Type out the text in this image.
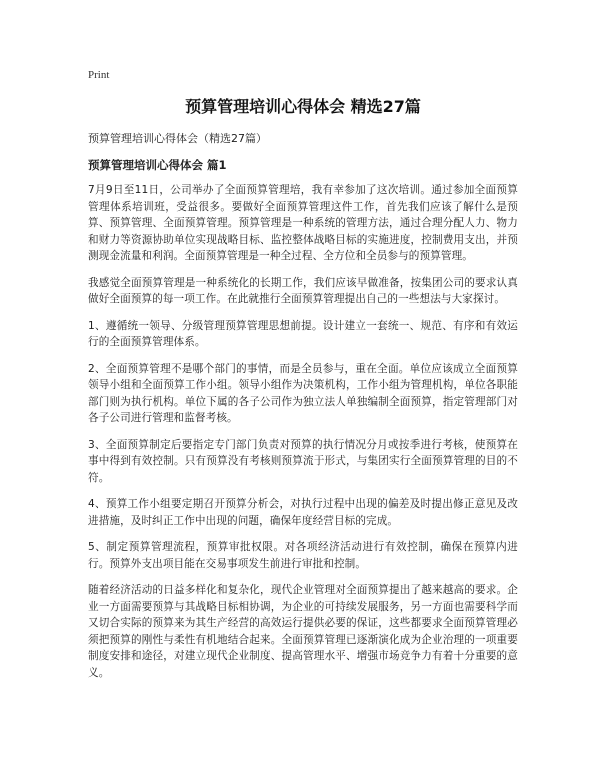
Print
预算管理培训心得体会 精选27篇

预算管理培训心得体会（精选27篇）

预算管理培训心得体会 篇1

7月9日至11日，公司举办了全面预算管理培，我有幸参加了这次培训。通过参加全面预算管理体系培训班，受益很多。要做好全面预算管理这件工作，首先我们应该了解什么是预算、预算管理、全面预算管理。预算管理是一种系统的管理方法，通过合理分配人力、物力和财力等资源协助单位实现战略目标、监控整体战略目标的实施进度，控制费用支出，并预测现金流量和利润。全面预算管理是一种全过程、全方位和全员参与的预算管理。

我感觉全面预算管理是一种系统化的长期工作，我们应该早做准备，按集团公司的要求认真做好全面预算的每一项工作。在此就推行全面预算管理提出自己的一些想法与大家探讨。

1、遵循统一领导、分级管理预算管理思想前提。设计建立一套统一、规范、有序和有效运行的全面预算管理体系。

2、全面预算管理不是哪个部门的事情，而是全员参与，重在全面。单位应该成立全面预算领导小组和全面预算工作小组。领导小组作为决策机构，工作小组为管理机构，单位各职能部门则为执行机构。单位下属的各子公司作为独立法人单独编制全面预算，指定管理部门对各子公司进行管理和监督考核。

3、全面预算制定后要指定专门部门负责对预算的执行情况分月或按季进行考核，使预算在事中得到有效控制。只有预算没有考核则预算流于形式，与集团实行全面预算管理的目的不符。

4、预算工作小组要定期召开预算分析会，对执行过程中出现的偏差及时提出修正意见及改进措施，及时纠正工作中出现的问题，确保年度经营目标的完成。

5、制定预算管理流程，预算审批权限。对各项经济活动进行有效控制，确保在预算内进行。预算外支出项目能在交易事项发生前进行审批和控制。

随着经济活动的日益多样化和复杂化，现代企业管理对全面预算提出了越来越高的要求。企业一方面需要预算与其战略目标相协调，为企业的可持续发展服务，另一方面也需要科学而又切合实际的预算来为其生产经营的高效运行提供必要的保证，这些都要求全面预算管理必须把预算的刚性与柔性有机地结合起来。全面预算管理已逐渐演化成为企业治理的一项重要制度安排和途径，对建立现代企业制度、提高管理水平、增强市场竞争力有着十分重要的意义。
